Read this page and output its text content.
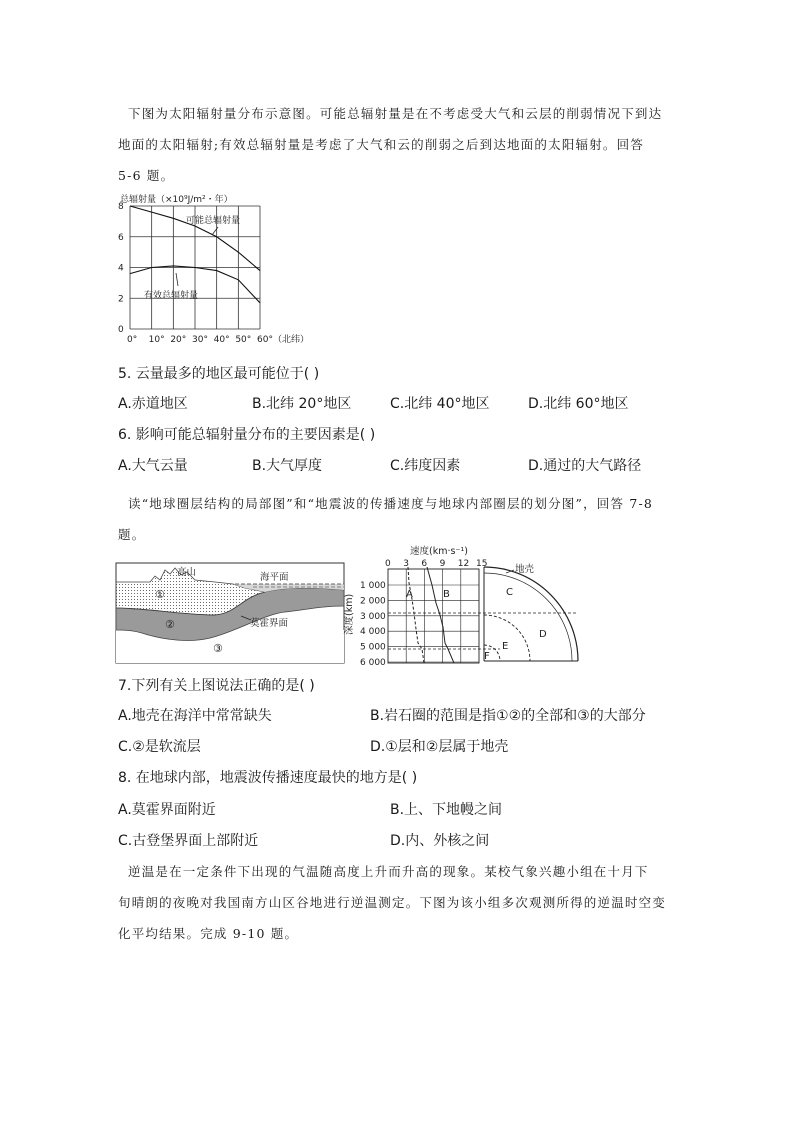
下图为太阳辐射量分布示意图。可能总辐射量是在不考虑受大气和云层的削弱情况下到达
地面的太阳辐射;有效总辐射量是考虑了大气和云的削弱之后到达地面的太阳辐射。回答
5-6 题。
总辐射量（×10⁹J/m²・年）
8
6
4
2
0
0° 10° 20° 30° 40° 50° 60°（北纬）
可能总辐射量
有效总辐射量
5. 云量最多的地区最可能位于( )
A.赤道地区	B.北纬 20°地区	C.北纬 40°地区	D.北纬 60°地区
6. 影响可能总辐射量分布的主要因素是( )
A.大气云量	B.大气厚度	C.纬度因素	D.通过的大气路径
读“地球圈层结构的局部图”和“地震波的传播速度与地球内部圈层的划分图”，回答 7-8
题。
高山	海平面
莫霍界面
①
②
③
速度(km·s⁻¹)
0 3 6 9 12 15
深度(km)
1 000
2 000
3 000
4 000
5 000
6 000
A	B
地壳
C
D
E
F
7.下列有关上图说法正确的是( )
A.地壳在海洋中常常缺失	B.岩石圈的范围是指①②的全部和③的大部分
C.②是软流层	D.①层和②层属于地壳
8. 在地球内部，地震波传播速度最快的地方是( )
A.莫霍界面附近	B.上、下地幔之间
C.古登堡界面上部附近	D.内、外核之间
逆温是在一定条件下出现的气温随高度上升而升高的现象。某校气象兴趣小组在十月下
旬晴朗的夜晚对我国南方山区谷地进行逆温测定。下图为该小组多次观测所得的逆温时空变
化平均结果。完成 9-10 题。
